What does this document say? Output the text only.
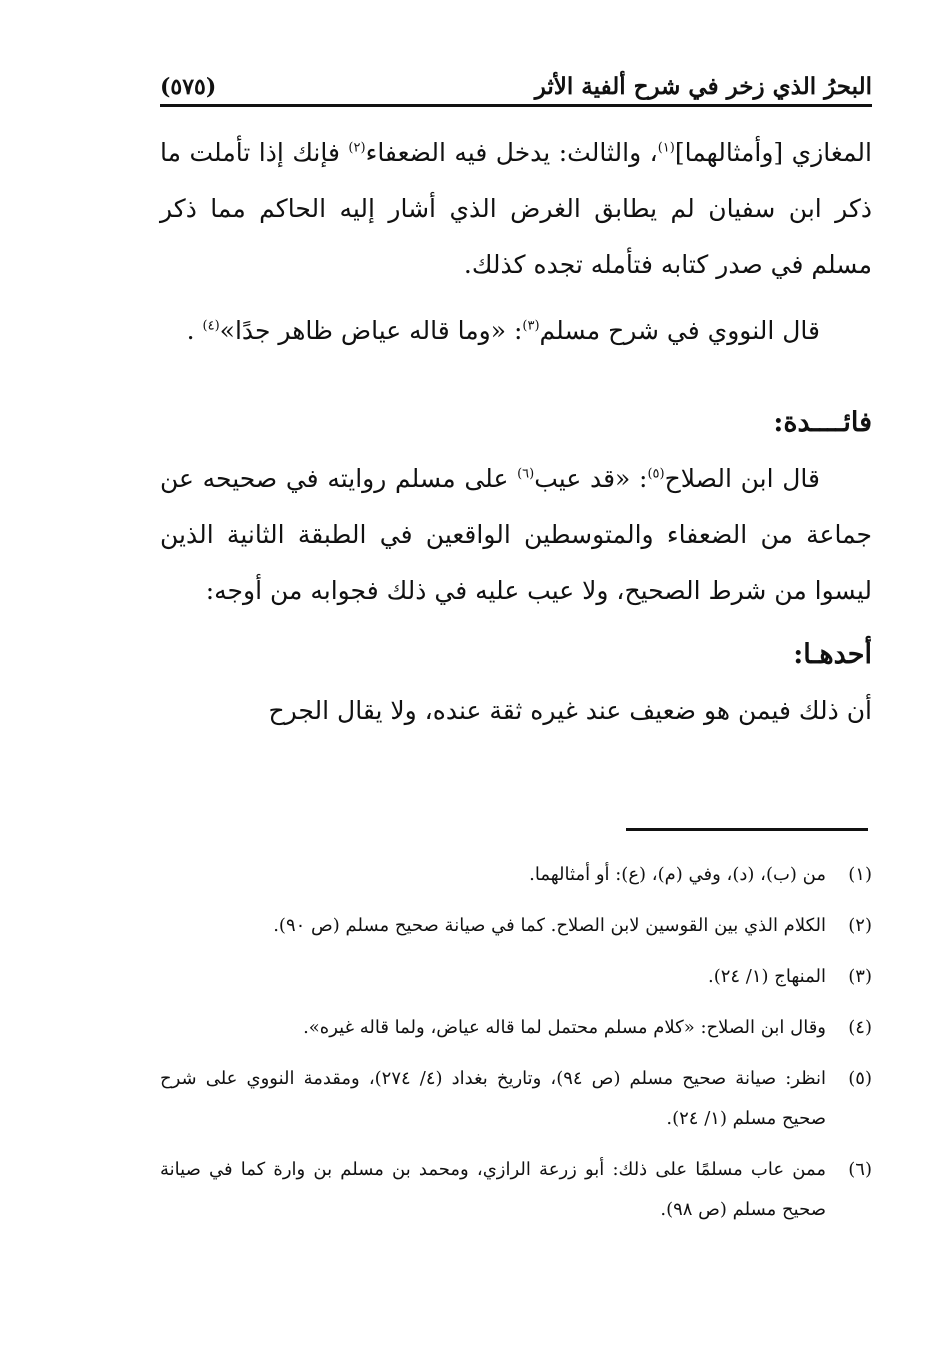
البحرُ الذي زخر في شرح ألفية الأثر
(٥٧٥)

المغازي [وأمثالهما]$^{(١)}$، والثالث: يدخل فيه الضعفاء$^{(٢)}$ فإنك إذا تأملت ما ذكر ابن سفيان لم يطابق الغرض الذي أشار إليه الحاكم مما ذكر مسلم في صدر كتابه فتأمله تجده كذلك.

قال النووي في شرح مسلم$^{(٣)}$: «وما قاله عياض ظاهر جدًا»$^{(٤)}$ .

فائــــدة:

قال ابن الصلاح$^{(٥)}$: «قد عيب$^{(٦)}$ على مسلم روايته في صحيحه عن جماعة من الضعفاء والمتوسطين الواقعين في الطبقة الثانية الذين ليسوا من شرط الصحيح، ولا عيب عليه في ذلك فجوابه من أوجه:

أحدهـا:

أن ذلك فيمن هو ضعيف عند غيره ثقة عنده، ولا يقال الجرح

(١)
من (ب)، (د)، وفي (م)، (ع): أو أمثالهما.
(٢)
الكلام الذي بين القوسين لابن الصلاح. كما في صيانة صحيح مسلم (ص ٩٠).
(٣)
المنهاج (١/ ٢٤).
(٤)
وقال ابن الصلاح: «كلام مسلم محتمل لما قاله عياض، ولما قاله غيره».
(٥)
انظر: صيانة صحيح مسلم (ص ٩٤)، وتاريخ بغداد (٤/ ٢٧٤)، ومقدمة النووي على شرح صحيح مسلم (١/ ٢٤).
(٦)
ممن عاب مسلمًا على ذلك: أبو زرعة الرازي، ومحمد بن مسلم بن وارة كما في صيانة صحيح مسلم (ص ٩٨).
